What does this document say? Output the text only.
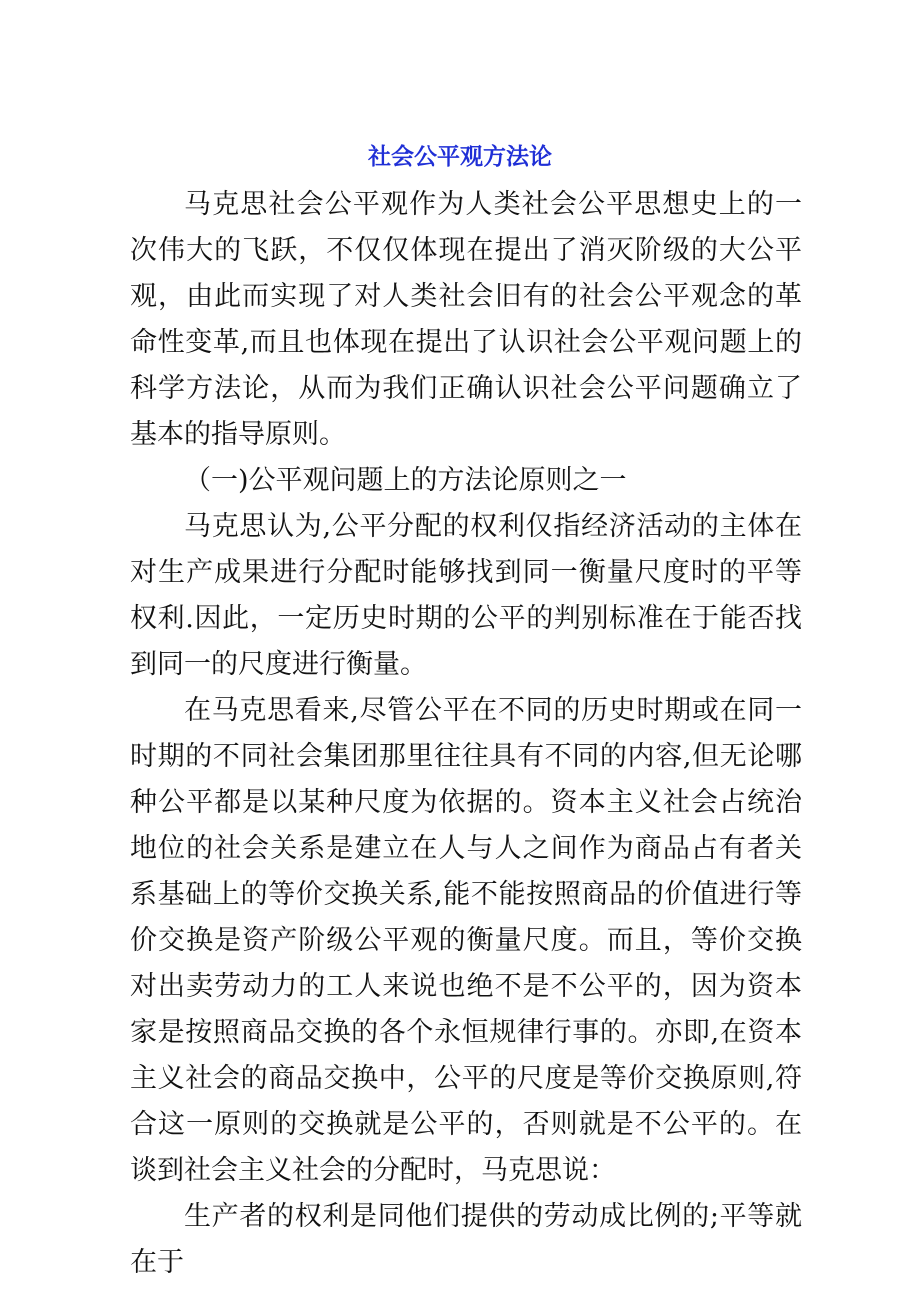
社会公平观方法论

马克思社会公平观作为人类社会公平思想史上的一次伟大的飞跃，不仅仅体现在提出了消灭阶级的大公平观，由此而实现了对人类社会旧有的社会公平观念的革命性变革,而且也体现在提出了认识社会公平观问题上的科学方法论，从而为我们正确认识社会公平问题确立了基本的指导原则。

（一)公平观问题上的方法论原则之一

马克思认为,公平分配的权利仅指经济活动的主体在对生产成果进行分配时能够找到同一衡量尺度时的平等权利.因此，一定历史时期的公平的判别标准在于能否找到同一的尺度进行衡量。

在马克思看来,尽管公平在不同的历史时期或在同一时期的不同社会集团那里往往具有不同的内容,但无论哪种公平都是以某种尺度为依据的。资本主义社会占统治地位的社会关系是建立在人与人之间作为商品占有者关系基础上的等价交换关系,能不能按照商品的价值进行等价交换是资产阶级公平观的衡量尺度。而且，等价交换对出卖劳动力的工人来说也绝不是不公平的，因为资本家是按照商品交换的各个永恒规律行事的。亦即,在资本主义社会的商品交换中，公平的尺度是等价交换原则,符合这一原则的交换就是公平的，否则就是不公平的。在谈到社会主义社会的分配时，马克思说：

生产者的权利是同他们提供的劳动成比例的;平等就在于
